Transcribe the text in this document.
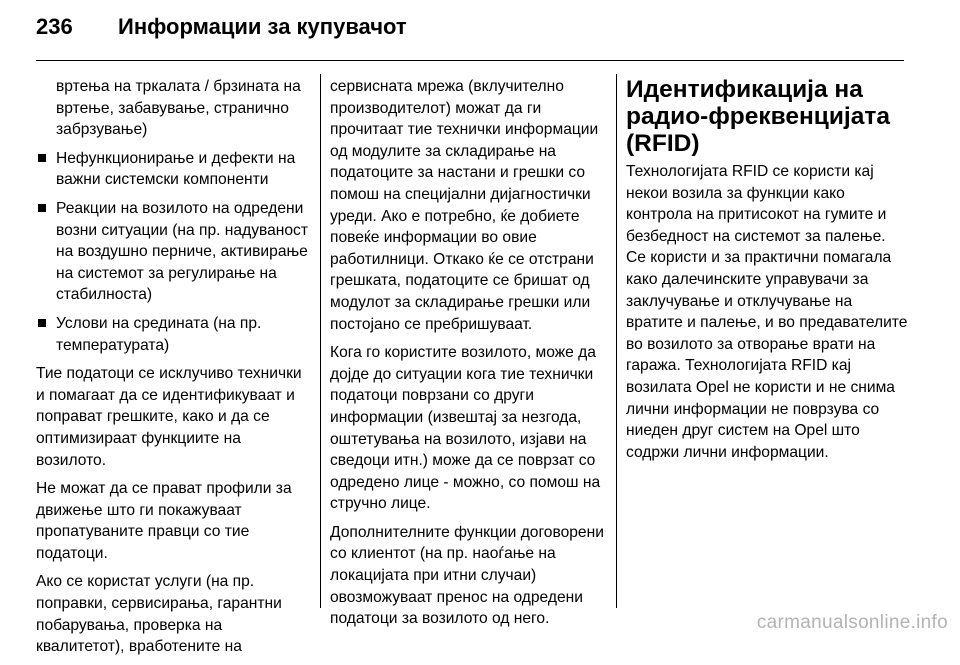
236 Информации за купувачот

вртења на тркалата / брзината на вртење, забавување, странично забрзување)

Нефункционирање и дефекти на важни системски компоненти
Реакции на возилото на одредени возни ситуации (на пр. надуваност на воздушно перниче, активирање на системот за регулирање на стабилноста)
Услови на средината (на пр. температурата)

Тие податоци се исклучиво технички и помагаат да се идентификуваат и поправат грешките, како и да се оптимизираат функциите на возилото.

Не можат да се прават профили за движење што ги покажуваат пропатуваните правци со тие податоци.

Ако се користат услуги (на пр. поправки, сервисирања, гарантни побарувања, проверка на квалитетот), вработените на

сервисната мрежа (вклучително производителот) можат да ги прочитаат тие технички информации од модулите за складирање на податоците за настани и грешки со помош на специјални дијагностички уреди. Ако е потребно, ќе добиете повеќе информации во овие работилници. Откако ќе се отстрани грешката, податоците се бришат од модулот за складирање грешки или постојано се пребришуваат.

Кога го користите возилото, може да дојде до ситуации кога тие технички податоци поврзани со други информации (извештај за незгода, оштетувања на возилото, изјави на сведоци итн.) може да се поврзат со одредено лице - можно, со помош на стручно лице.

Дополнителните функции договорени со клиентот (на пр. наоѓање на локацијата при итни случаи) овозможуваат пренос на одредени податоци за возилото од него.

Идентификација на радио-фреквенцијата (RFID)

Технологијата RFID се користи кај некои возила за функции како контрола на притисокот на гумите и безбедност на системот за палење. Се користи и за практични помагала како далечинските управувачи за заклучување и отклучување на вратите и палење, и во предавателите во возилото за отворање врати на гаража. Технологијата RFID кај возилата Opel не користи и не снима лични информации не поврзува со ниеден друг систем на Opel што содржи лични информации.

carmanualsonline.info
